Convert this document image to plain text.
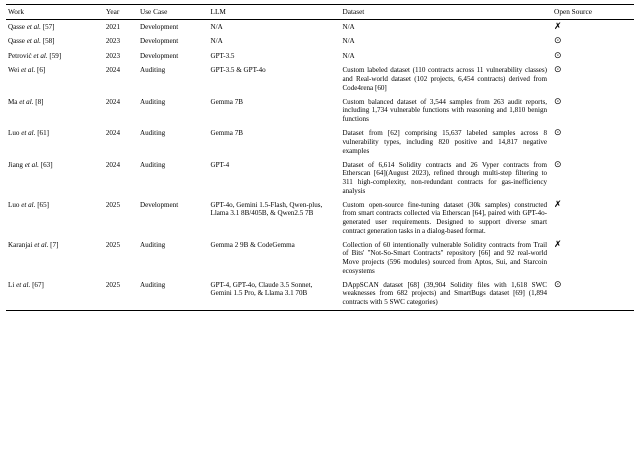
Work	Year	Use Case	LLM	Dataset	Open Source
Qasse et al. [57]	2021	Development	N/A	N/A	✗
Qasse et al. [58]	2023	Development	N/A	N/A	⊙
Petrović et al. [59]	2023	Development	GPT-3.5	N/A	⊙
Wei et al. [6]	2024	Auditing	GPT-3.5 & GPT-4o	Custom labeled dataset (110 contracts across 11 vulnerability classes) and Real-world dataset (102 projects, 6,454 contracts) derived from Code4rena [60]	⊙
Ma et al. [8]	2024	Auditing	Gemma 7B	Custom balanced dataset of 3,544 samples from 263 audit reports, including 1,734 vulnerable functions with reasoning and 1,810 benign functions	⊙
Luo et al. [61]	2024	Auditing	Gemma 7B	Dataset from [62] comprising 15,637 labeled samples across 8 vulnerability types, including 820 positive and 14,817 negative examples	⊙
Jiang et al. [63]	2024	Auditing	GPT-4	Dataset of 6,614 Solidity contracts and 26 Vyper contracts from Etherscan [64](August 2023), refined through multi-step filtering to 311 high-complexity, non-redundant contracts for gas-inefficiency analysis	⊙
Luo et al. [65]	2025	Development	GPT-4o, Gemini 1.5-Flash, Qwen-plus, Llama 3.1 8B/405B, & Qwen2.5 7B	Custom open-source fine-tuning dataset (30k samples) constructed from smart contracts collected via Etherscan [64], paired with GPT-4o-generated user requirements. Designed to support diverse smart contract generation tasks in a dialog-based format.	✗
Karanjai et al. [7]	2025	Auditing	Gemma 2 9B & CodeGemma	Collection of 60 intentionally vulnerable Solidity contracts from Trail of Bits' "Not-So-Smart Contracts" repository [66] and 92 real-world Move projects (596 modules) sourced from Aptos, Sui, and Starcoin ecosystems	✗
Li et al. [67]	2025	Auditing	GPT-4, GPT-4o, Claude 3.5 Sonnet, Gemini 1.5 Pro, & Llama 3.1 70B	DAppSCAN dataset [68] (39,904 Solidity files with 1,618 SWC weaknesses from 682 projects) and SmartBugs dataset [69] (1,894 contracts with 5 SWC categories)	⊙
